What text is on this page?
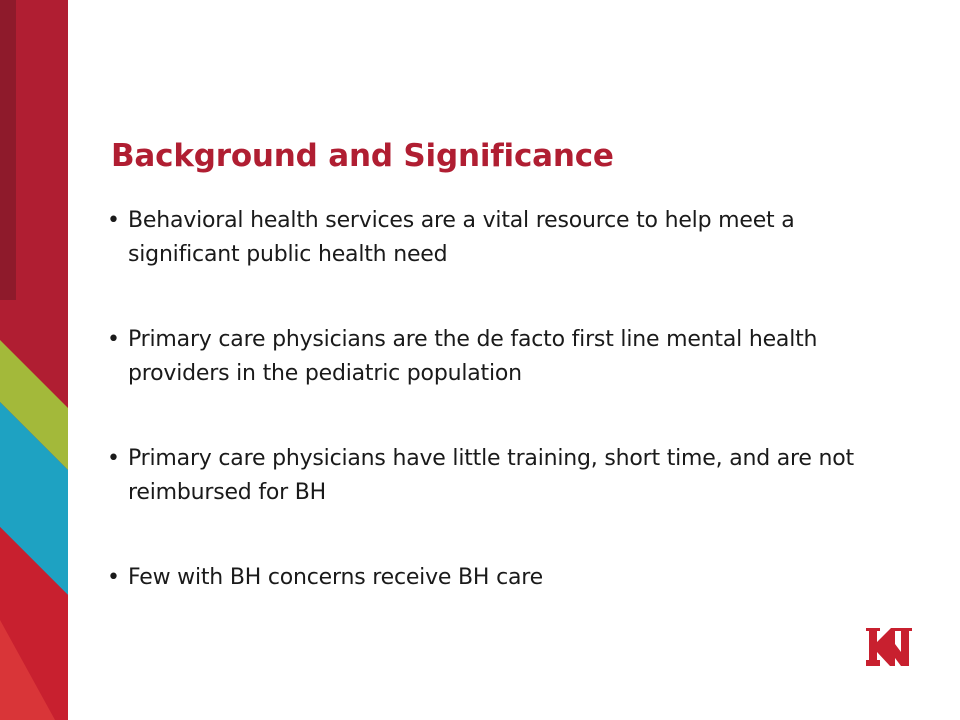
Background and Significance
• Behavioral health services are a vital resource to help meet a significant public health need
• Primary care physicians are the de facto first line mental health providers in the pediatric population
• Primary care physicians have little training, short time, and are not reimbursed for BH
• Few with BH concerns receive BH care
